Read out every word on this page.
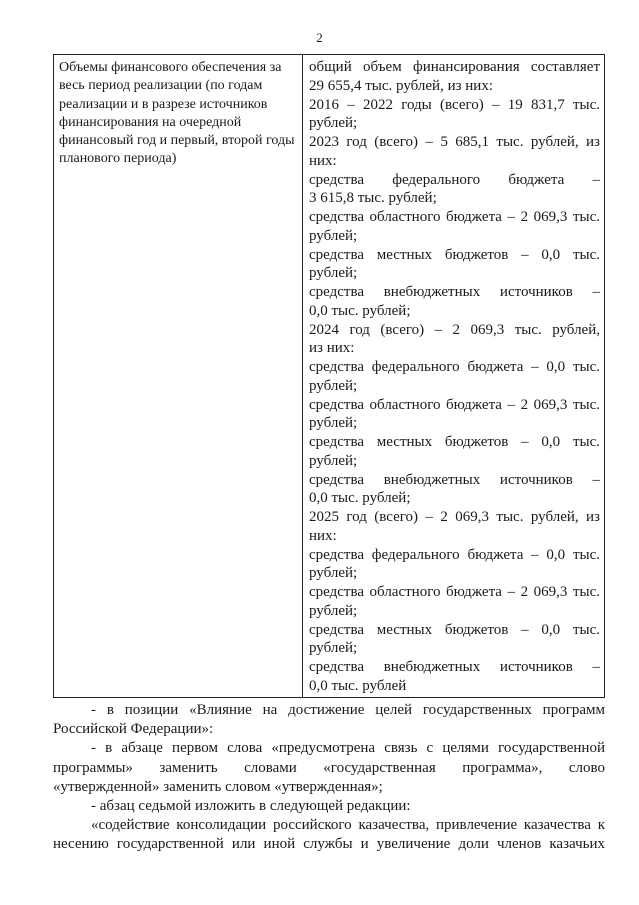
2
Объемы финансового обеспечения за весь период реализации (по годам реализации и в разрезе источников финансирования на очередной финансовый год и первый, второй годы планового периода)

общий объем финансирования составляет
29 655,4 тыс. рублей, из них:
2016 – 2022 годы (всего) – 19 831,7 тыс.
рублей;
2023 год (всего) – 5 685,1 тыс. рублей, из
них:
средства федерального бюджета –
3 615,8 тыс. рублей;
средства областного бюджета – 2 069,3 тыс.
рублей;
средства местных бюджетов – 0,0 тыс.
рублей;
средства внебюджетных источников –
0,0 тыс. рублей;
2024 год (всего) – 2 069,3 тыс. рублей,
из них:
средства федерального бюджета – 0,0 тыс.
рублей;
средства областного бюджета – 2 069,3 тыс.
рублей;
средства местных бюджетов – 0,0 тыс.
рублей;
средства внебюджетных источников –
0,0 тыс. рублей;
2025 год (всего) – 2 069,3 тыс. рублей, из
них:
средства федерального бюджета – 0,0 тыс.
рублей;
средства областного бюджета – 2 069,3 тыс.
рублей;
средства местных бюджетов – 0,0 тыс.
рублей;
средства внебюджетных источников –
0,0 тыс. рублей
- в позиции «Влияние на достижение целей государственных программ
Российской Федерации»:
- в абзаце первом слова «предусмотрена связь с целями государственной
программы» заменить словами «государственная программа», слово
«утвержденной» заменить словом «утвержденная»;
- абзац седьмой изложить в следующей редакции:
«содействие консолидации российского казачества, привлечение казачества к
несению государственной или иной службы и увеличение доли членов казачьих
